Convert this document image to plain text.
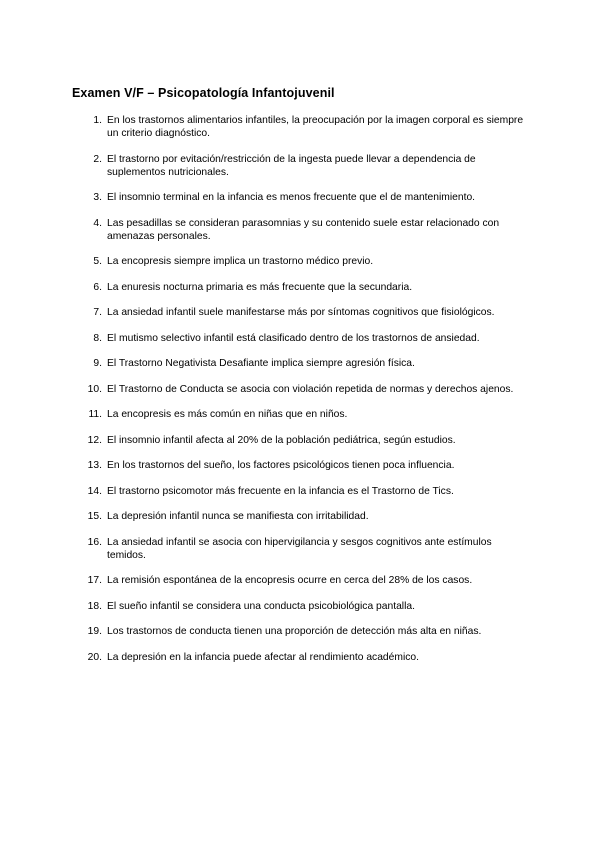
Examen V/F – Psicopatología Infantojuvenil
1. En los trastornos alimentarios infantiles, la preocupación por la imagen corporal es siempre un criterio diagnóstico.
2. El trastorno por evitación/restricción de la ingesta puede llevar a dependencia de suplementos nutricionales.
3. El insomnio terminal en la infancia es menos frecuente que el de mantenimiento.
4. Las pesadillas se consideran parasomnias y su contenido suele estar relacionado con amenazas personales.
5. La encopresis siempre implica un trastorno médico previo.
6. La enuresis nocturna primaria es más frecuente que la secundaria.
7. La ansiedad infantil suele manifestarse más por síntomas cognitivos que fisiológicos.
8. El mutismo selectivo infantil está clasificado dentro de los trastornos de ansiedad.
9. El Trastorno Negativista Desafiante implica siempre agresión física.
10. El Trastorno de Conducta se asocia con violación repetida de normas y derechos ajenos.
11. La encopresis es más común en niñas que en niños.
12. El insomnio infantil afecta al 20% de la población pediátrica, según estudios.
13. En los trastornos del sueño, los factores psicológicos tienen poca influencia.
14. El trastorno psicomotor más frecuente en la infancia es el Trastorno de Tics.
15. La depresión infantil nunca se manifiesta con irritabilidad.
16. La ansiedad infantil se asocia con hipervigilancia y sesgos cognitivos ante estímulos temidos.
17. La remisión espontánea de la encopresis ocurre en cerca del 28% de los casos.
18. El sueño infantil se considera una conducta psicobiológica pantalla.
19. Los trastornos de conducta tienen una proporción de detección más alta en niñas.
20. La depresión en la infancia puede afectar al rendimiento académico.
